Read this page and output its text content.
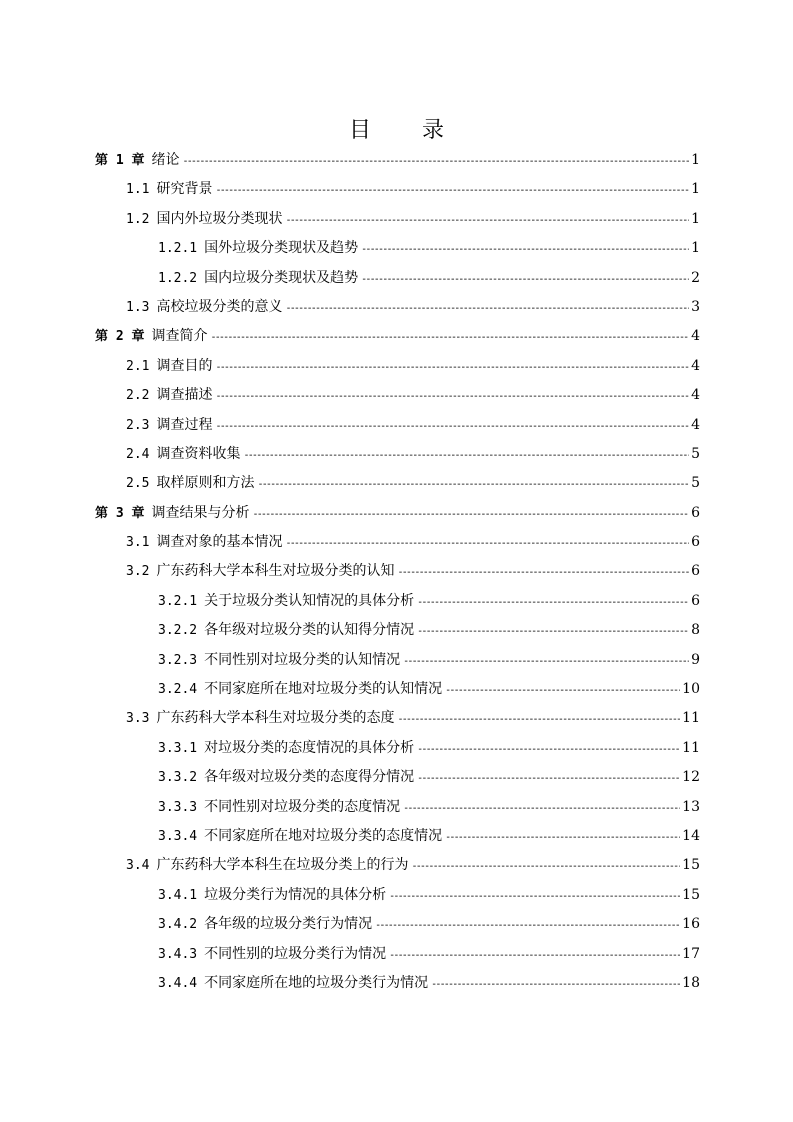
目 录
第 1 章 绪论 -----	1
1.1 研究背景 -----	1
1.2 国内外垃圾分类现状 -----	1
1.2.1 国外垃圾分类现状及趋势 -----	1
1.2.2 国内垃圾分类现状及趋势 -----	2
1.3 高校垃圾分类的意义 -----	3
第 2 章 调查简介 -----	4
2.1 调查目的 -----	4
2.2 调查描述 -----	4
2.3 调查过程 -----	4
2.4 调查资料收集 -----	5
2.5 取样原则和方法 -----	5
第 3 章 调查结果与分析 -----	6
3.1 调查对象的基本情况 -----	6
3.2 广东药科大学本科生对垃圾分类的认知 -----	6
3.2.1 关于垃圾分类认知情况的具体分析 -----	6
3.2.2 各年级对垃圾分类的认知得分情况 -----	8
3.2.3 不同性别对垃圾分类的认知情况 -----	9
3.2.4 不同家庭所在地对垃圾分类的认知情况 -----	10
3.3 广东药科大学本科生对垃圾分类的态度 -----	11
3.3.1 对垃圾分类的态度情况的具体分析 -----	11
3.3.2 各年级对垃圾分类的态度得分情况 -----	12
3.3.3 不同性别对垃圾分类的态度情况 -----	13
3.3.4 不同家庭所在地对垃圾分类的态度情况 -----	14
3.4 广东药科大学本科生在垃圾分类上的行为 -----	15
3.4.1 垃圾分类行为情况的具体分析 -----	15
3.4.2 各年级的垃圾分类行为情况 -----	16
3.4.3 不同性别的垃圾分类行为情况 -----	17
3.4.4 不同家庭所在地的垃圾分类行为情况 -----	18
